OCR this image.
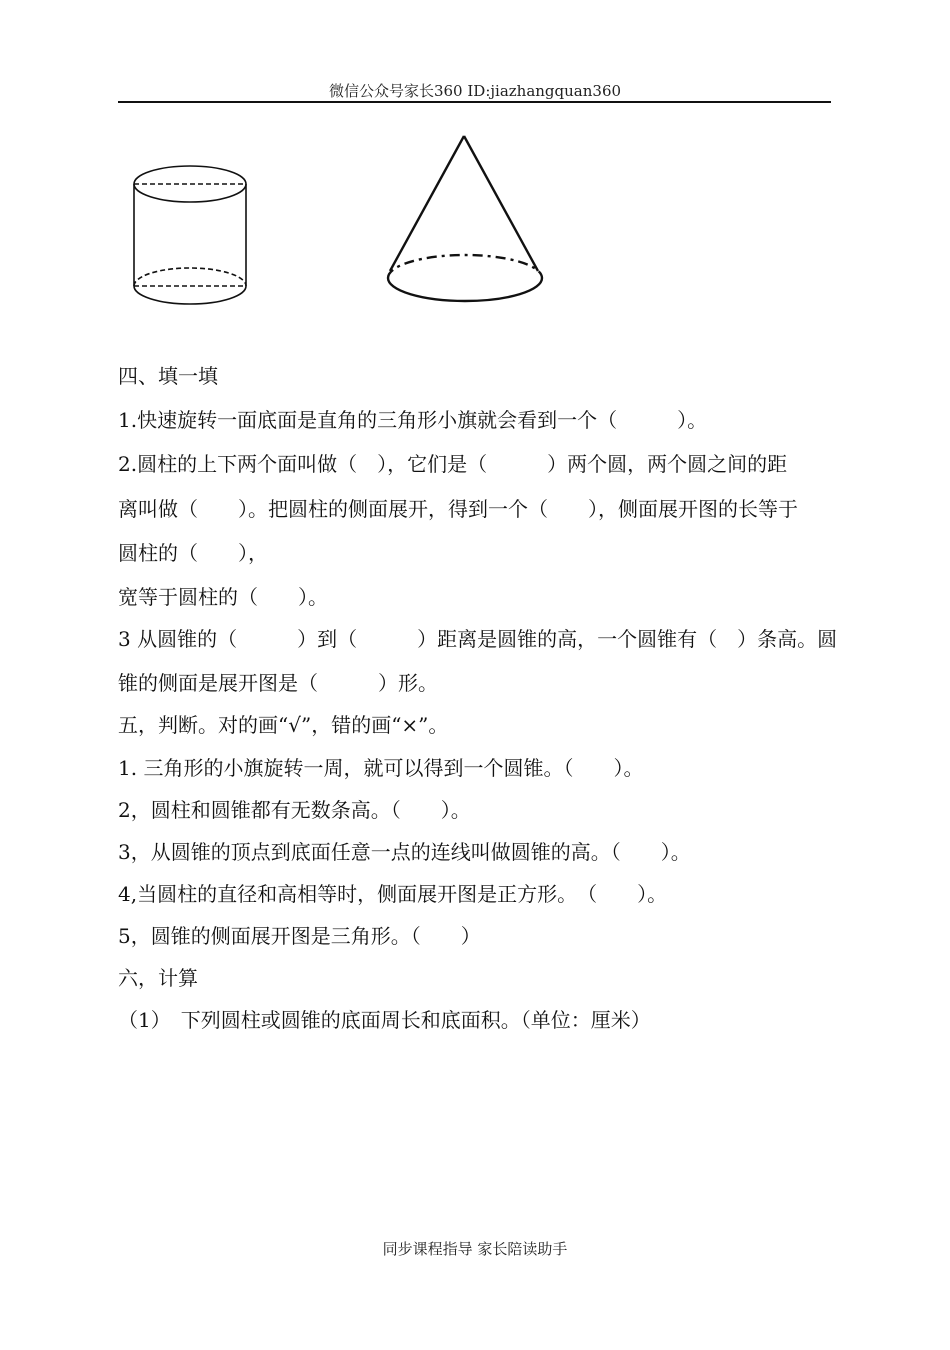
微信公众号家长360 ID:jiazhangquan360
四、填一填
1.快速旋转一面底面是直角的三角形小旗就会看到一个（　　　）。
2.圆柱的上下两个面叫做（　），它们是（　　　）两个圆，两个圆之间的距
离叫做（　　）。把圆柱的侧面展开，得到一个（　　），侧面展开图的长等于
圆柱的（　　），
宽等于圆柱的（　　）。
3 从圆锥的（　　　）到（　　　）距离是圆锥的高，一个圆锥有（　）条高。圆
锥的侧面是展开图是（　　　）形。
五，判断。对的画“√”，错的画“×”。
1. 三角形的小旗旋转一周，就可以得到一个圆锥。（　　）。
2，圆柱和圆锥都有无数条高。（　　）。
3，从圆锥的顶点到底面任意一点的连线叫做圆锥的高。（　　）。
4,当圆柱的直径和高相等时，侧面展开图是正方形。　（　　）。
5，圆锥的侧面展开图是三角形。（　　）
六，计算
（1）　下列圆柱或圆锥的底面周长和底面积。（单位：厘米）
同步课程指导 家长陪读助手
